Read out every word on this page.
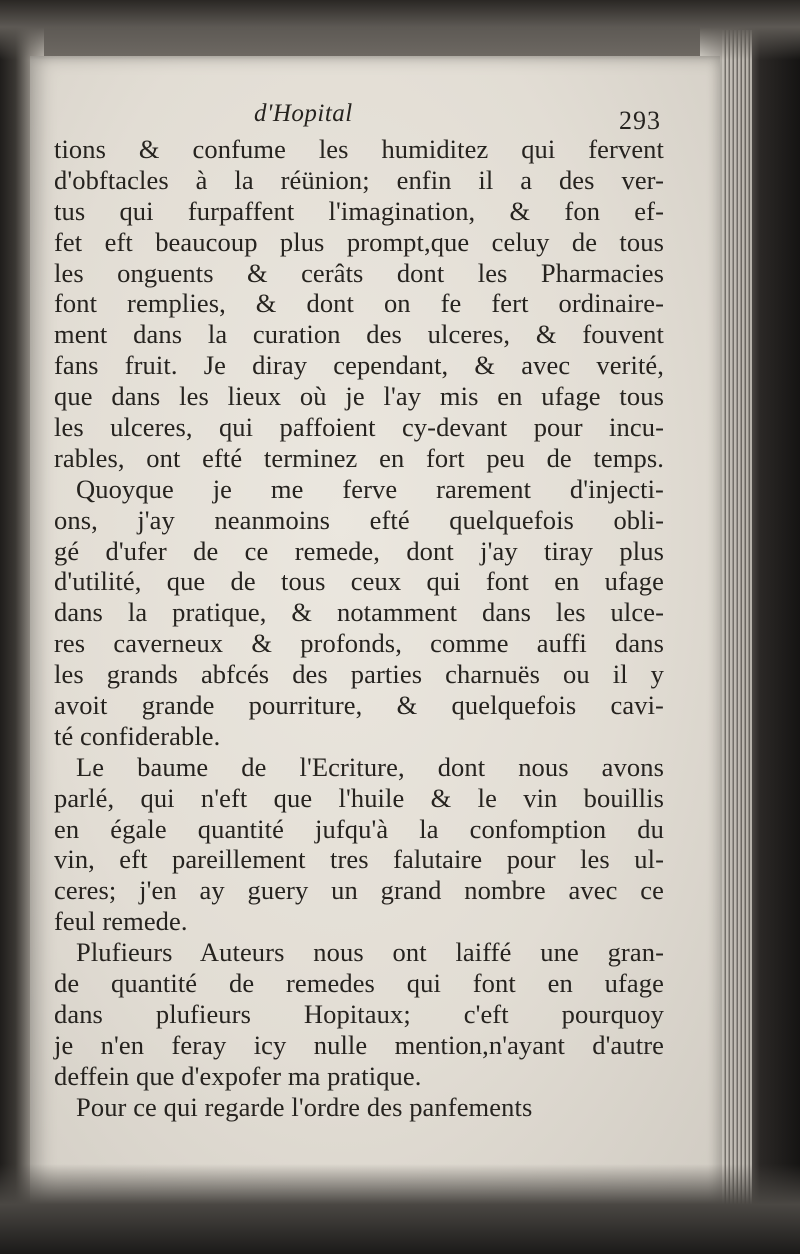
d'Hopital	293
tions & confume les humiditez qui fervent
d'obftacles à la réünion; enfin il a des ver-
tus qui furpaffent l'imagination, & fon ef-
fet eft beaucoup plus prompt,que celuy de tous
les onguents & cerâts dont les Pharmacies
font remplies, & dont on fe fert ordinaire-
ment dans la curation des ulceres, & fouvent
fans fruit. Je diray cependant, & avec verité,
que dans les lieux où je l'ay mis en ufage tous
les ulceres, qui paffoient cy-devant pour incu-
rables, ont efté terminez en fort peu de temps.
Quoyque je me ferve rarement d'injecti-
ons, j'ay neanmoins efté quelquefois obli-
gé d'ufer de ce remede, dont j'ay tiray plus
d'utilité, que de tous ceux qui font en ufage
dans la pratique, & notamment dans les ulce-
res caverneux & profonds, comme auffi dans
les grands abfcés des parties charnuës ou il y
avoit grande pourriture, & quelquefois cavi-
té confiderable.
Le baume de l'Ecriture, dont nous avons
parlé, qui n'eft que l'huile & le vin bouillis
en égale quantité jufqu'à la confomption du
vin, eft pareillement tres falutaire pour les ul-
ceres; j'en ay guery un grand nombre avec ce
feul remede.
Plufieurs Auteurs nous ont laiffé une gran-
de quantité de remedes qui font en ufage
dans plufieurs Hopitaux; c'eft pourquoy
je n'en feray icy nulle mention,n'ayant d'autre
deffein que d'expofer ma pratique.
Pour ce qui regarde l'ordre des panfements
